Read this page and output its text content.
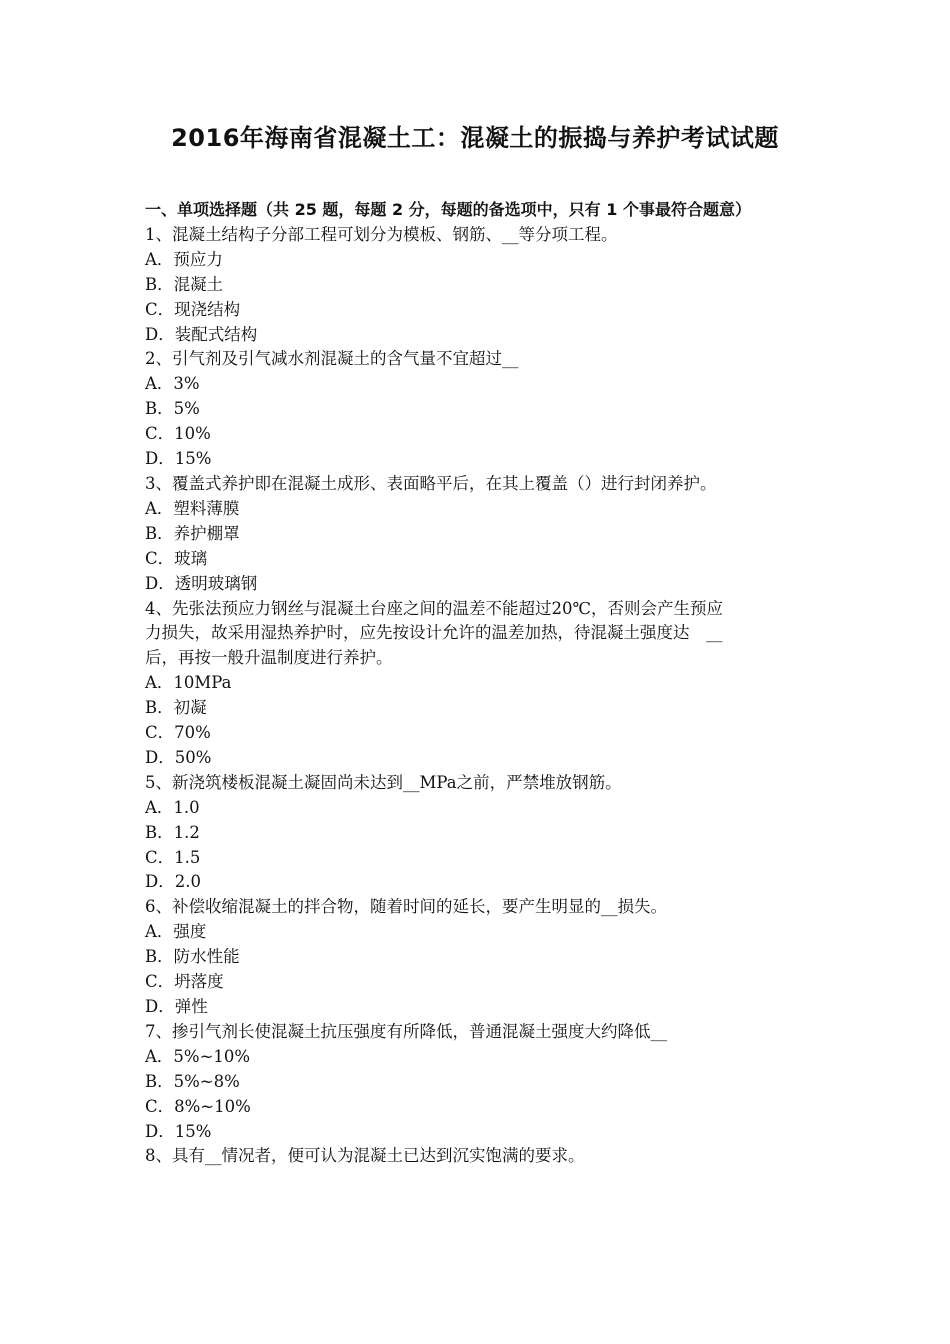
2016年海南省混凝土工：混凝土的振捣与养护考试试题
一、单项选择题（共 25 题，每题 2 分，每题的备选项中，只有 1 个事最符合题意）
1、混凝土结构子分部工程可划分为模板、钢筋、__等分项工程。
A．预应力
B．混凝土
C．现浇结构
D．装配式结构
2、引气剂及引气减水剂混凝土的含气量不宜超过__
A．3%
B．5%
C．10%
D．15%
3、覆盖式养护即在混凝土成形、表面略平后，在其上覆盖（）进行封闭养护。
A．塑料薄膜
B．养护棚罩
C．玻璃
D．透明玻璃钢
4、先张法预应力钢丝与混凝土台座之间的温差不能超过20℃，否则会产生预应
力损失，故采用湿热养护时，应先按设计允许的温差加热，待混凝土强度达　__
后，再按一般升温制度进行养护。
A．10MPa
B．初凝
C．70%
D．50%
5、新浇筑楼板混凝土凝固尚未达到__MPa之前，严禁堆放钢筋。
A．1.0
B．1.2
C．1.5
D．2.0
6、补偿收缩混凝土的拌合物，随着时间的延长，要产生明显的__损失。
A．强度
B．防水性能
C．坍落度
D．弹性
7、掺引气剂长使混凝土抗压强度有所降低，普通混凝土强度大约降低__
A．5%~10%
B．5%~8%
C．8%~10%
D．15%
8、具有__情况者，便可认为混凝土已达到沉实饱满的要求。
